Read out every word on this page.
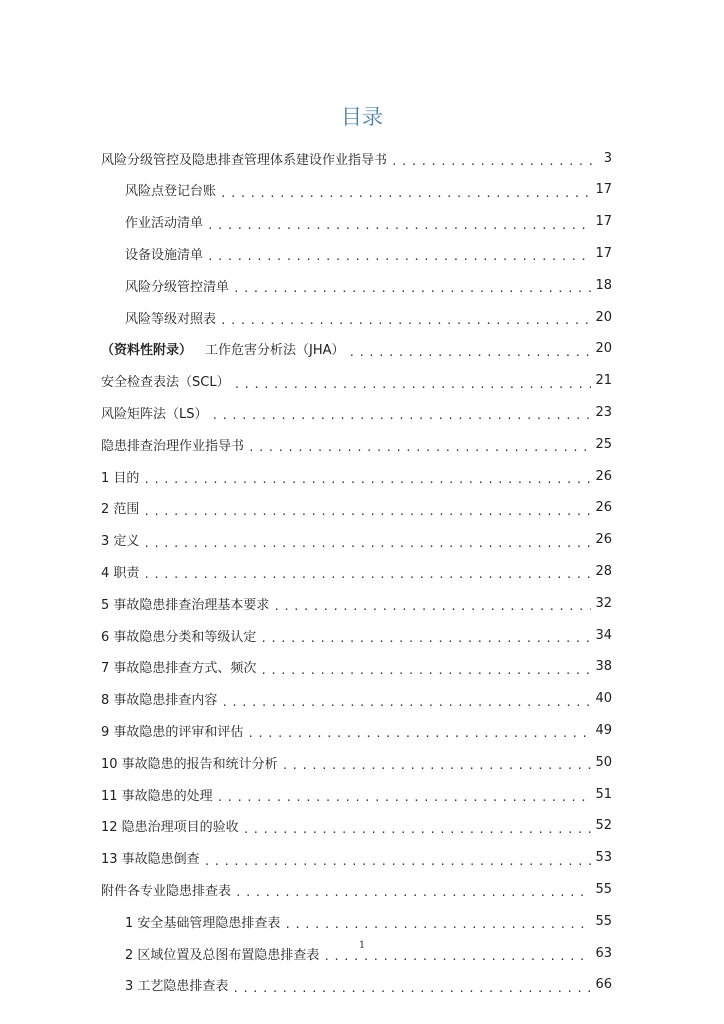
目录
风险分级管控及隐患排查管理体系建设作业指导书 .....	3
风险点登记台账 .....	17
作业活动清单 .....	17
设备设施清单 .....	17
风险分级管控清单 .....	18
风险等级对照表 .....	20
（资料性附录）  工作危害分析法（JHA） .....	20
安全检查表法（SCL） .....	21
风险矩阵法（LS） .....	23
隐患排查治理作业指导书 .....	25
1 目的 .....	26
2 范围 .....	26
3 定义 .....	26
4 职责 .....	28
5 事故隐患排查治理基本要求 .....	32
6 事故隐患分类和等级认定 .....	34
7 事故隐患排查方式、频次 .....	38
8 事故隐患排查内容 .....	40
9 事故隐患的评审和评估 .....	49
10 事故隐患的报告和统计分析 .....	50
11 事故隐患的处理 .....	51
12 隐患治理项目的验收 .....	52
13 事故隐患倒查 .....	53
附件各专业隐患排查表 .....	55
1 安全基础管理隐患排查表 .....	55
2 区域位置及总图布置隐患排查表 .....	63
3 工艺隐患排查表 .....	66
1
